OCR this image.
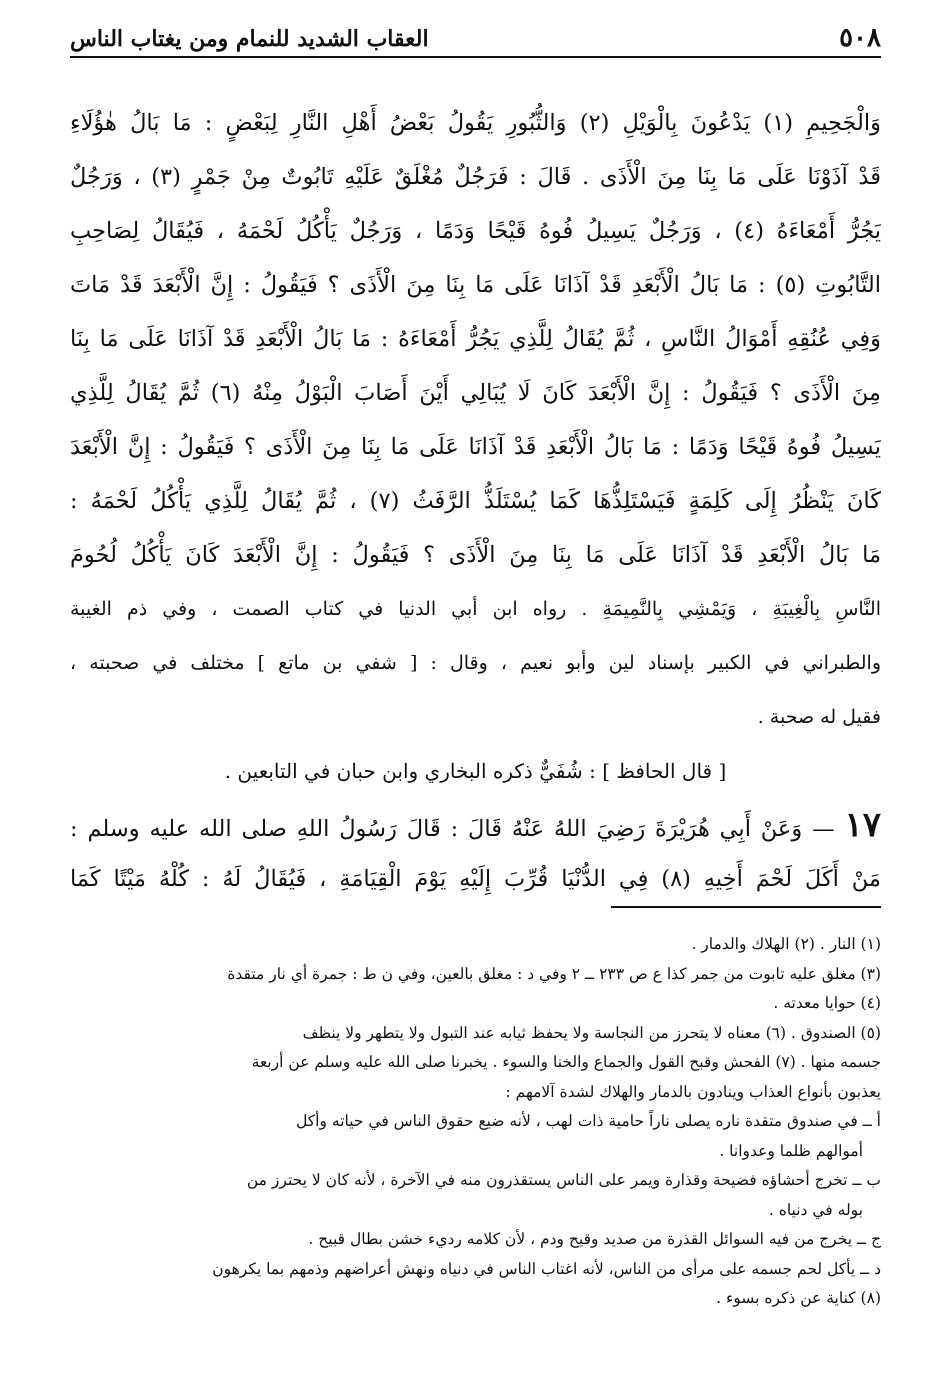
٥٠٨
العقاب الشديد للنمام ومن يغتاب الناس
وَالْجَحِيمِ (١) يَدْعُونَ بِالْوَيْلِ (٢) وَالثُّبُورِ يَقُولُ بَعْضُ أَهْلِ النَّارِ لِبَعْضٍ : مَا بَالُ هٰؤُلَاءِ
قَدْ آذَوْنَا عَلَى مَا بِنَا مِنَ الْأَذَى . قَالَ : فَرَجُلٌ مُغْلَقٌ عَلَيْهِ تَابُوتٌ مِنْ جَمْرٍ (٣) ، وَرَجُلٌ
يَجُرُّ أَمْعَاءَهُ (٤) ، وَرَجُلٌ يَسِيلُ فُوهُ قَيْحًا وَدَمًا ، وَرَجُلٌ يَأْكُلُ لَحْمَهُ ، فَيُقَالُ لِصَاحِبِ
التَّابُوتِ (٥) : مَا بَالُ الْأَبْعَدِ قَدْ آذَانَا عَلَى مَا بِنَا مِنَ الْأَذَى ؟ فَيَقُولُ : إِنَّ الْأَبْعَدَ قَدْ مَاتَ
وَفِي عُنُقِهِ أَمْوَالُ النَّاسِ ، ثُمَّ يُقَالُ لِلَّذِي يَجُرُّ أَمْعَاءَهُ : مَا بَالُ الْأَبْعَدِ قَدْ آذَانَا عَلَى مَا بِنَا
مِنَ الْأَذَى ؟ فَيَقُولُ : إِنَّ الْأَبْعَدَ كَانَ لَا يُبَالِي أَيْنَ أَصَابَ الْبَوْلُ مِنْهُ (٦) ثُمَّ يُقَالُ لِلَّذِي
يَسِيلُ فُوهُ قَيْحًا وَدَمًا : مَا بَالُ الْأَبْعَدِ قَدْ آذَانَا عَلَى مَا بِنَا مِنَ الْأَذَى ؟ فَيَقُولُ : إِنَّ الْأَبْعَدَ
كَانَ يَنْظُرُ إِلَى كَلِمَةٍ فَيَسْتَلِذُّهَا كَمَا يُسْتَلَذُّ الرَّفَثُ (٧) ، ثُمَّ يُقَالُ لِلَّذِي يَأْكُلُ لَحْمَهُ :
مَا بَالُ الْأَبْعَدِ قَدْ آذَانَا عَلَى مَا بِنَا مِنَ الْأَذَى ؟ فَيَقُولُ : إِنَّ الْأَبْعَدَ كَانَ يَأْكُلُ لُحُومَ
النَّاسِ بِالْغِيبَةِ ، وَيَمْشِي بِالنَّمِيمَةِ . رواه ابن أبي الدنيا في كتاب الصمت ، وفي ذم الغيبة
والطبراني في الكبير بإسناد لين وأبو نعيم ، وقال : [ شفي بن ماتع ] مختلف في صحبته ،
فقيل له صحبة .
[ قال الحافظ ] : شُفَيٌّ ذكره البخاري وابن حبان في التابعين .
١٧ — وَعَنْ أَبِي هُرَيْرَةَ رَضِيَ اللهُ عَنْهُ قَالَ : قَالَ رَسُولُ اللهِ صلى الله عليه وسلم :
مَنْ أَكَلَ لَحْمَ أَخِيهِ (٨) فِي الدُّنْيَا قُرِّبَ إِلَيْهِ يَوْمَ الْقِيَامَةِ ، فَيُقَالُ لَهُ : كُلْهُ مَيْتًا كَمَا
(١) النار . (٢) الهلاك والدمار .
(٣) مغلق عليه تابوت من جمر كذا ع ص ٢٣٣ ــ ٢ وفي د : مغلق بالعين، وفي ن ط : جمرة أي نار متقدة
(٤) حوايا معدته .
(٥) الصندوق . (٦) معناه لا يتحرز من النجاسة ولا يحفظ ثيابه عند التبول ولا يتطهر ولا ينظف
جسمه منها . (٧) الفحش وقبح القول والجماع والخنا والسوء . يخبرنا صلى الله عليه وسلم عن أربعة
يعذبون بأنواع العذاب وينادون بالدمار والهلاك لشدة آلامهم :
أ ــ في صندوق متقدة ناره يصلى ناراً حامية ذات لهب ، لأنه ضيع حقوق الناس في حياته وأكل
أموالهم ظلما وعدوانا .
ب ــ تخرج أحشاؤه فضيحة وقذارة ويمر على الناس يستقذرون منه في الآخرة ، لأنه كان لا يحترز من
بوله في دنياه .
ج ــ يخرج من فيه السوائل القذرة من صديد وقيح ودم ، لأن كلامه رديء خشن بطال قبيح .
د ــ يأكل لحم جسمه على مرأى من الناس، لأنه اغتاب الناس في دنياه ونهش أعراضهم وذمهم بما يكرهون
(٨) كناية عن ذكره بسوء .
